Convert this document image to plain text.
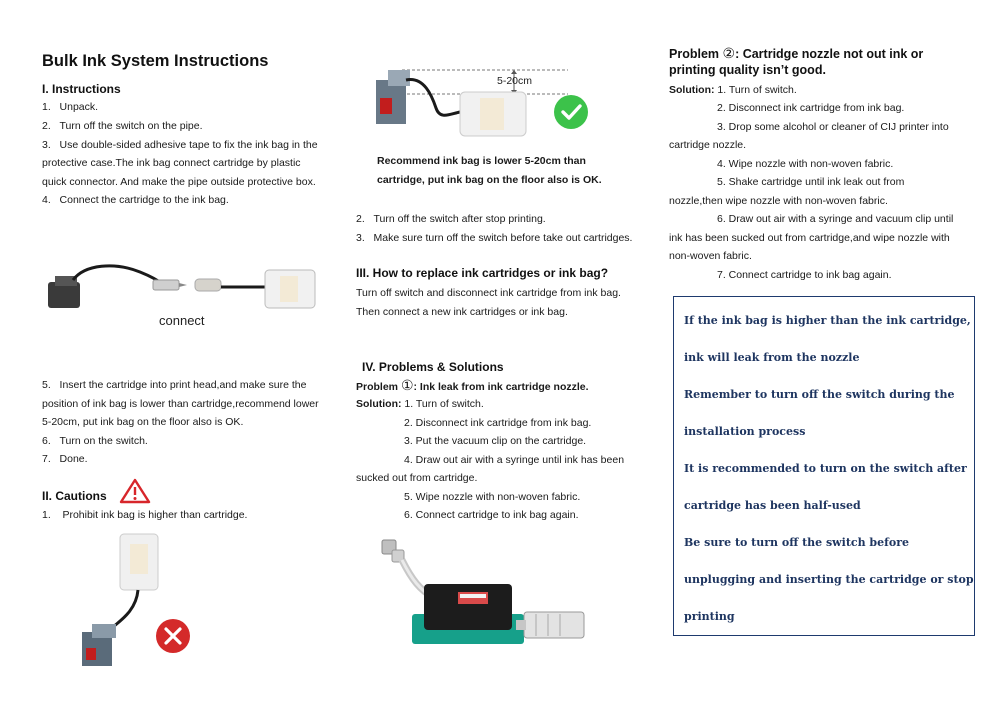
Bulk Ink System Instructions
I. Instructions
1. Unpack.
2. Turn off the switch on the pipe.
3. Use double-sided adhesive tape to fix the ink bag in the
protective case.The ink bag connect cartridge by plastic
quick connector. And make the pipe outside protective box.
4. Connect the cartridge to the ink bag.
connect
5. Insert the cartridge into print head,and make sure the
position of ink bag is lower than cartridge,recommend lower
5-20cm, put ink bag on the floor also is OK.
6. Turn on the switch.
7. Done.
II. Cautions
1. Prohibit ink bag is higher than cartridge.
5-20cm
Recommend ink bag is lower 5-20cm than
cartridge, put ink bag on the floor also is OK.
2. Turn off the switch after stop printing.
3. Make sure turn off the switch before take out cartridges.
III. How to replace ink cartridges or ink bag?
Turn off switch and disconnect ink cartridge from ink bag.
Then connect a new ink cartridges or ink bag.
IV. Problems & Solutions
Problem ①: Ink leak from ink cartridge nozzle.
Solution: 1. Turn of switch.
2. Disconnect ink cartridge from ink bag.
3. Put the vacuum clip on the cartridge.
4. Draw out air with a syringe until ink has been
sucked out from cartridge.
5. Wipe nozzle with non-woven fabric.
6. Connect cartridge to ink bag again.
Problem ②: Cartridge nozzle not out ink or
printing quality isn’t good.
Solution: 1. Turn of switch.
2. Disconnect ink cartridge from ink bag.
3. Drop some alcohol or cleaner of CIJ printer into
cartridge nozzle.
4. Wipe nozzle with non-woven fabric.
5. Shake cartridge until ink leak out from
nozzle,then wipe nozzle with non-woven fabric.
6. Draw out air with a syringe and vacuum clip until
ink has been sucked out from cartridge,and wipe nozzle with
non-woven fabric.
7. Connect cartridge to ink bag again.
If the ink bag is higher than the ink cartridge,
ink will leak from the nozzle
Remember to turn off the switch during the
installation process
It is recommended to turn on the switch after
cartridge has been half-used
Be sure to turn off the switch before
unplugging and inserting the cartridge or stop
printing
